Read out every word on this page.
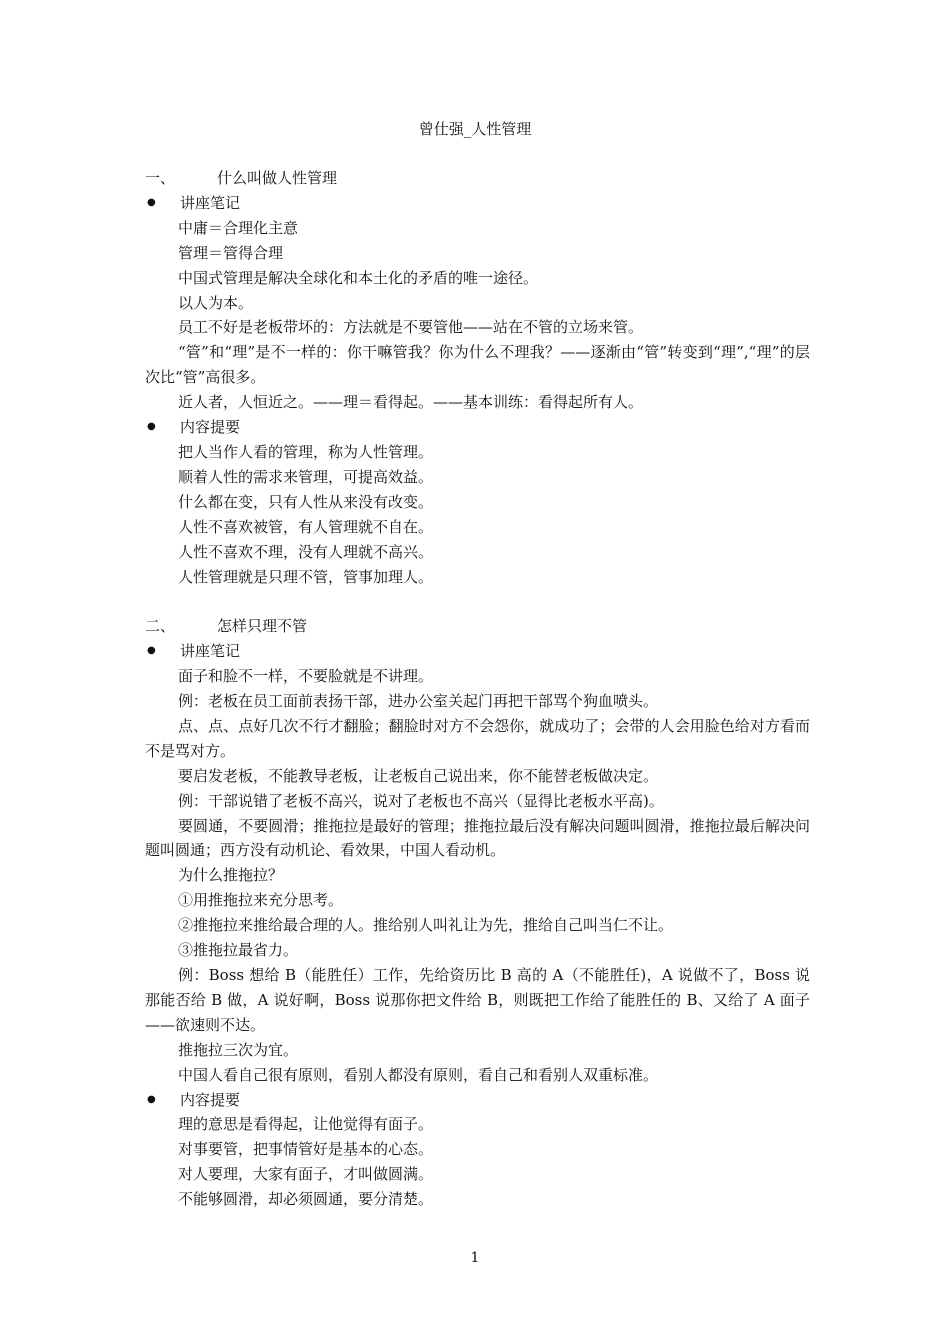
曾仕强_人性管理
一、	什么叫做人性管理
●	讲座笔记
中庸＝合理化主意
管理＝管得合理
中国式管理是解决全球化和本土化的矛盾的唯一途径。
以人为本。
员工不好是老板带坏的：方法就是不要管他——站在不管的立场来管。
“管”和“理”是不一样的：你干嘛管我？你为什么不理我？——逐渐由“管”转变到“理”,“理”的层次比“管”高很多。
近人者，人恒近之。——理＝看得起。——基本训练：看得起所有人。
●	内容提要
把人当作人看的管理，称为人性管理。
顺着人性的需求来管理，可提高效益。
什么都在变，只有人性从来没有改变。
人性不喜欢被管，有人管理就不自在。
人性不喜欢不理，没有人理就不高兴。
人性管理就是只理不管，管事加理人。
二、	怎样只理不管
●	讲座笔记
面子和脸不一样，不要脸就是不讲理。
例：老板在员工面前表扬干部，进办公室关起门再把干部骂个狗血喷头。
点、点、点好几次不行才翻脸；翻脸时对方不会怨你，就成功了；会带的人会用脸色给对方看而不是骂对方。
要启发老板，不能教导老板，让老板自己说出来，你不能替老板做决定。
例：干部说错了老板不高兴，说对了老板也不高兴（显得比老板水平高)。
要圆通，不要圆滑；推拖拉是最好的管理；推拖拉最后没有解决问题叫圆滑，推拖拉最后解决问题叫圆通；西方没有动机论、看效果，中国人看动机。
为什么推拖拉？
①用推拖拉来充分思考。
②推拖拉来推给最合理的人。推给别人叫礼让为先，推给自己叫当仁不让。
③推拖拉最省力。
例：Boss 想给 B（能胜任）工作，先给资历比 B 高的 A（不能胜任)，A 说做不了，Boss 说那能否给 B 做，A 说好啊，Boss 说那你把文件给 B，则既把工作给了能胜任的 B、又给了 A 面子——欲速则不达。
推拖拉三次为宜。
中国人看自己很有原则，看别人都没有原则，看自己和看别人双重标准。
●	内容提要
理的意思是看得起，让他觉得有面子。
对事要管，把事情管好是基本的心态。
对人要理，大家有面子，才叫做圆满。
不能够圆滑，却必须圆通，要分清楚。
1
